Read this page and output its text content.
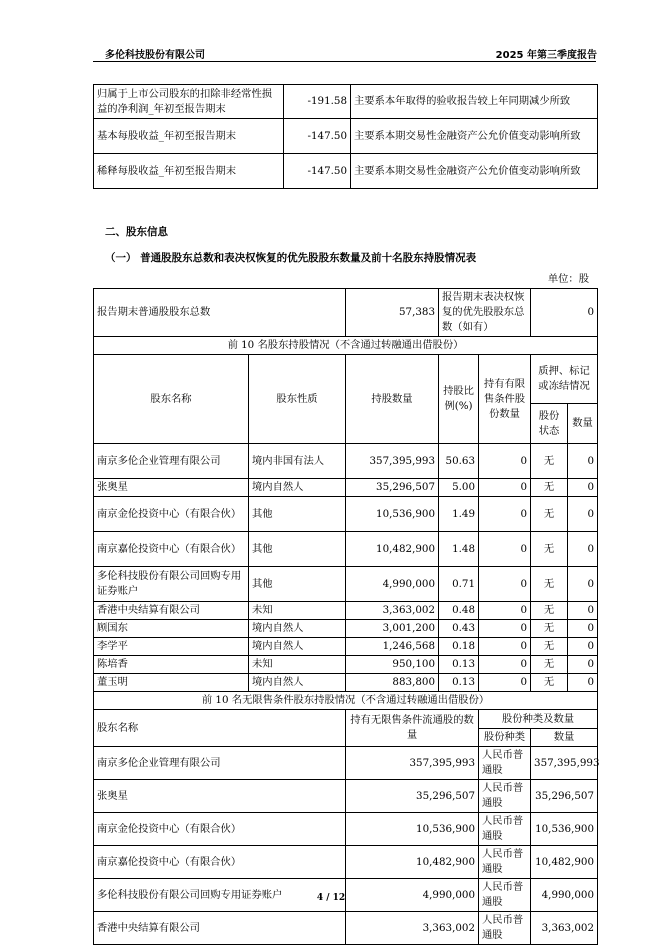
多伦科技股份有限公司	2025 年第三季度报告
归属于上市公司股东的扣除非经常性损益的净利润_年初至报告期末	-191.58	主要系本年取得的验收报告较上年同期减少所致
基本每股收益_年初至报告期末	-147.50	主要系本期交易性金融资产公允价值变动影响所致
稀释每股收益_年初至报告期末	-147.50	主要系本期交易性金融资产公允价值变动影响所致
二、股东信息
（一） 普通股股东总数和表决权恢复的优先股股东数量及前十名股东持股情况表
单位：股
报告期末普通股股东总数		57,383	报告期末表决权恢复的优先股股东总数（如有）		0	
前 10 名股东持股情况（不含通过转融通出借股份）						
股东名称	股东性质	持股数量	持股比例(%)	持有有限售条件股份数量	质押、标记或冻结情况	
					股份状态	数量
南京多伦企业管理有限公司	境内非国有法人	357,395,993	50.63	0	无	0
张奥星	境内自然人	35,296,507	5.00	0	无	0
南京金伦投资中心（有限合伙）	其他	10,536,900	1.49	0	无	0
南京嘉伦投资中心（有限合伙）	其他	10,482,900	1.48	0	无	0
多伦科技股份有限公司回购专用证券账户	其他	4,990,000	0.71	0	无	0
香港中央结算有限公司	未知	3,363,002	0.48	0	无	0
顾国东	境内自然人	3,001,200	0.43	0	无	0
李学平	境内自然人	1,246,568	0.18	0	无	0
陈培香	未知	950,100	0.13	0	无	0
董玉明	境内自然人	883,800	0.13	0	无	0
前 10 名无限售条件股东持股情况（不含通过转融通出借股份）						
股东名称		持有无限售条件流通股的数量		股份种类及数量		
				股份种类	数量	
南京多伦企业管理有限公司		357,395,993		人民币普通股	357,395,993	
张奥星		35,296,507		人民币普通股	35,296,507	
南京金伦投资中心（有限合伙）		10,536,900		人民币普通股	10,536,900	
南京嘉伦投资中心（有限合伙）		10,482,900		人民币普通股	10,482,900	
多伦科技股份有限公司回购专用证券账户		4,990,000		人民币普通股	4,990,000	
香港中央结算有限公司		3,363,002		人民币普通股	3,363,002	
4 / 12
